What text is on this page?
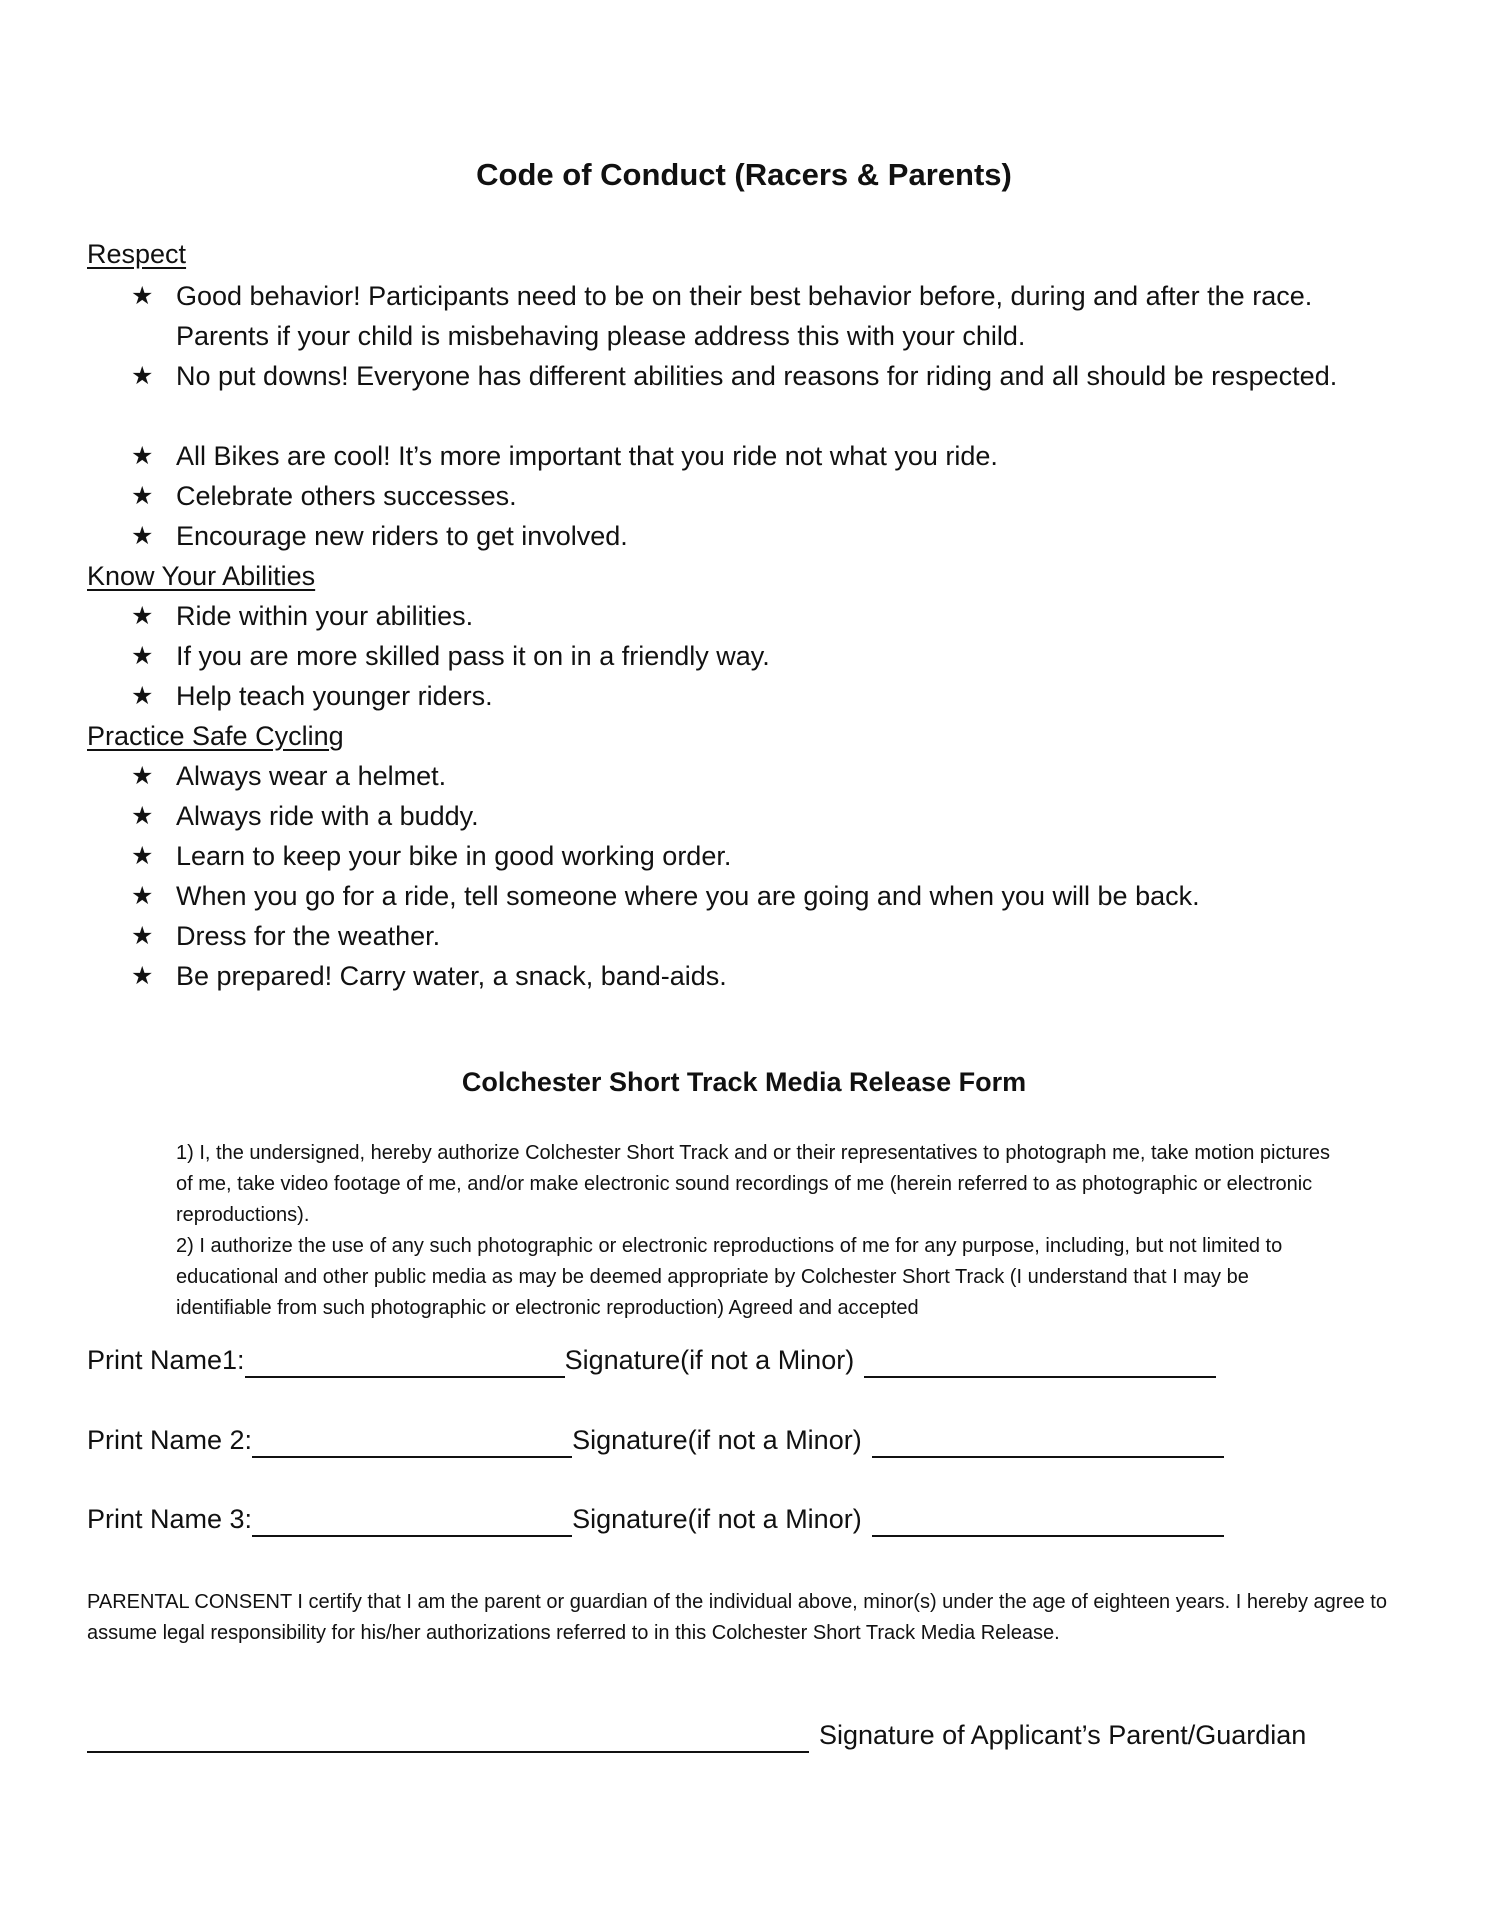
Code of Conduct (Racers & Parents)
Respect
★ Good behavior! Participants need to be on their best behavior before, during and after the race. Parents if your child is misbehaving please address this with your child.
★ No put downs! Everyone has different abilities and reasons for riding and all should be respected.
★ All Bikes are cool! It’s more important that you ride not what you ride.
★ Celebrate others successes.
★ Encourage new riders to get involved.
Know Your Abilities
★ Ride within your abilities.
★ If you are more skilled pass it on in a friendly way.
★ Help teach younger riders.
Practice Safe Cycling
★ Always wear a helmet.
★ Always ride with a buddy.
★ Learn to keep your bike in good working order.
★ When you go for a ride, tell someone where you are going and when you will be back.
★ Dress for the weather.
★ Be prepared! Carry water, a snack, band-aids.
Colchester Short Track Media Release Form

1) I, the undersigned, hereby authorize Colchester Short Track and or their representatives to photograph me, take motion pictures of me, take video footage of me, and/or make electronic sound recordings of me (herein referred to as photographic or electronic reproductions).

2) I authorize the use of any such photographic or electronic reproductions of me for any purpose, including, but not limited to educational and other public media as may be deemed appropriate by Colchester Short Track (I understand that I may be identifiable from such photographic or electronic reproduction) Agreed and accepted

Print Name1:	Signature(if not a Minor)
Print Name 2:	Signature(if not a Minor)
Print Name 3:	Signature(if not a Minor)
PARENTAL CONSENT I certify that I am the parent or guardian of the individual above, minor(s) under the age of eighteen years. I hereby agree to assume legal responsibility for his/her authorizations referred to in this Colchester Short Track Media Release.
Signature of Applicant’s Parent/Guardian
